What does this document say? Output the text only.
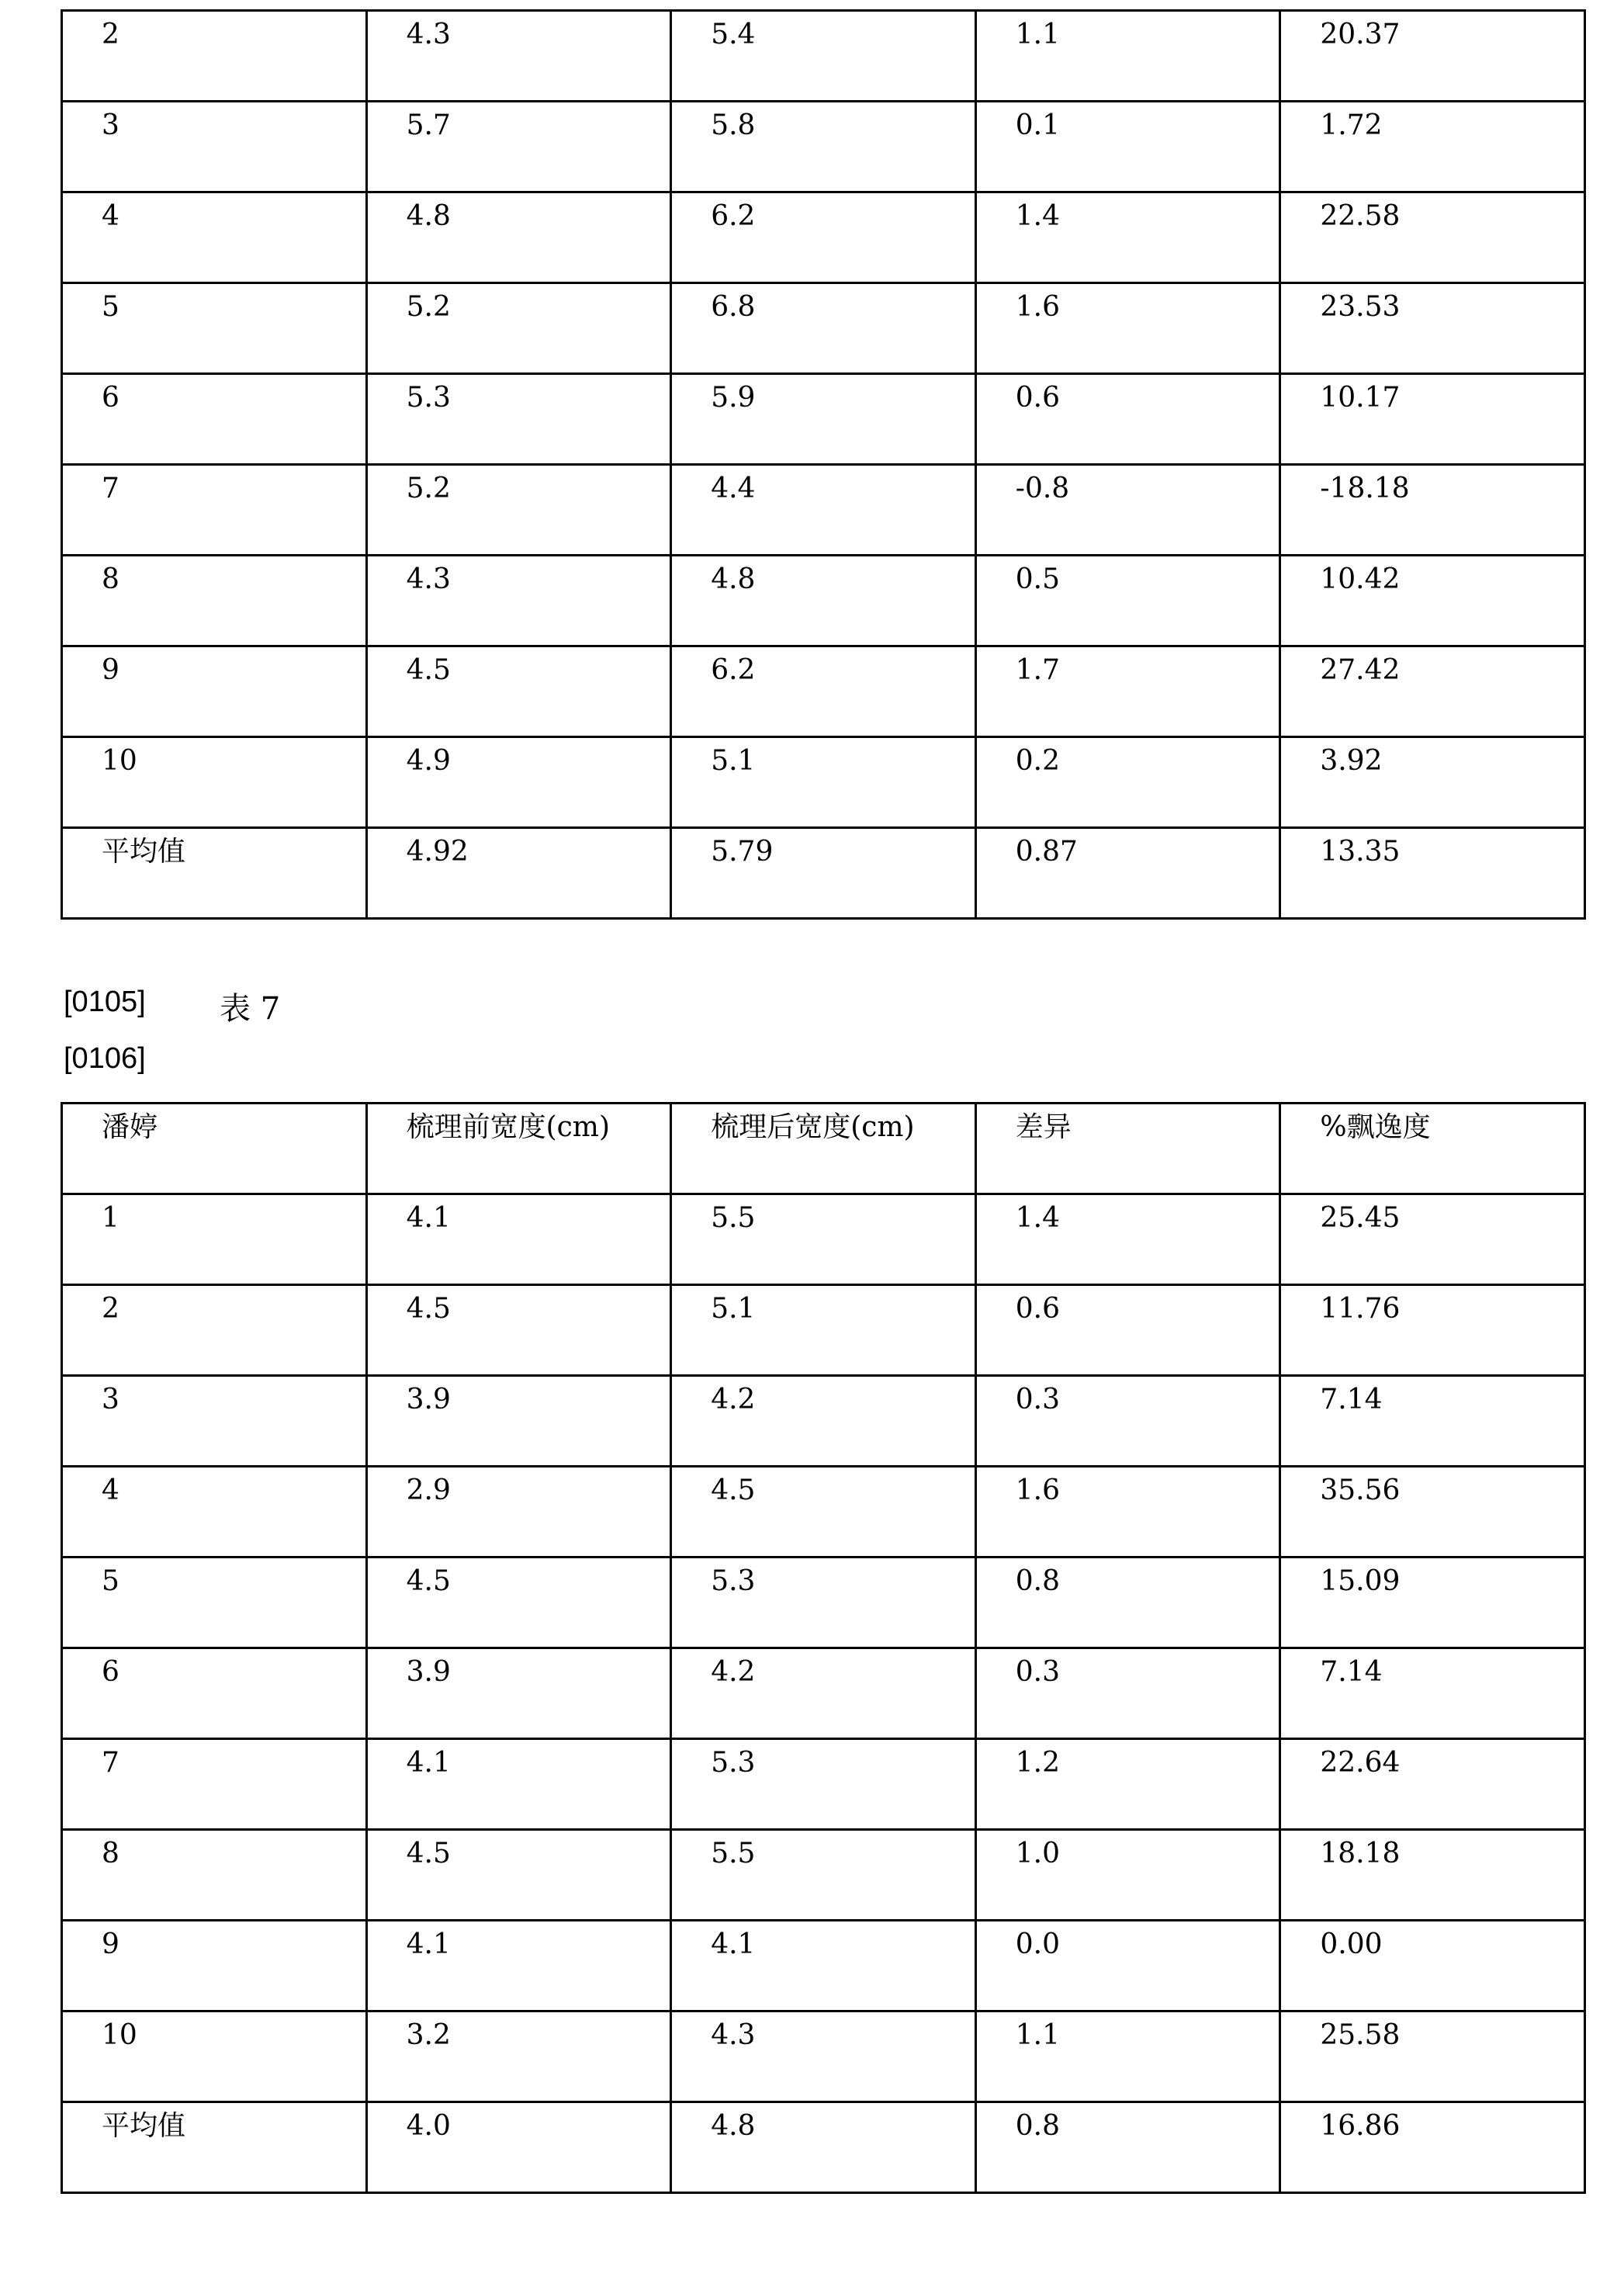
2	4.3	5.4	1.1	20.37
3	5.7	5.8	0.1	1.72
4	4.8	6.2	1.4	22.58
5	5.2	6.8	1.6	23.53
6	5.3	5.9	0.6	10.17
7	5.2	4.4	-0.8	-18.18
8	4.3	4.8	0.5	10.42
9	4.5	6.2	1.7	27.42
10	4.9	5.1	0.2	3.92
平均值	4.92	5.79	0.87	13.35
[0105] 表 7
[0106]
潘婷	梳理前宽度(cm)	梳理后宽度(cm)	差异	%飘逸度
1	4.1	5.5	1.4	25.45
2	4.5	5.1	0.6	11.76
3	3.9	4.2	0.3	7.14
4	2.9	4.5	1.6	35.56
5	4.5	5.3	0.8	15.09
6	3.9	4.2	0.3	7.14
7	4.1	5.3	1.2	22.64
8	4.5	5.5	1.0	18.18
9	4.1	4.1	0.0	0.00
10	3.2	4.3	1.1	25.58
平均值	4.0	4.8	0.8	16.86
